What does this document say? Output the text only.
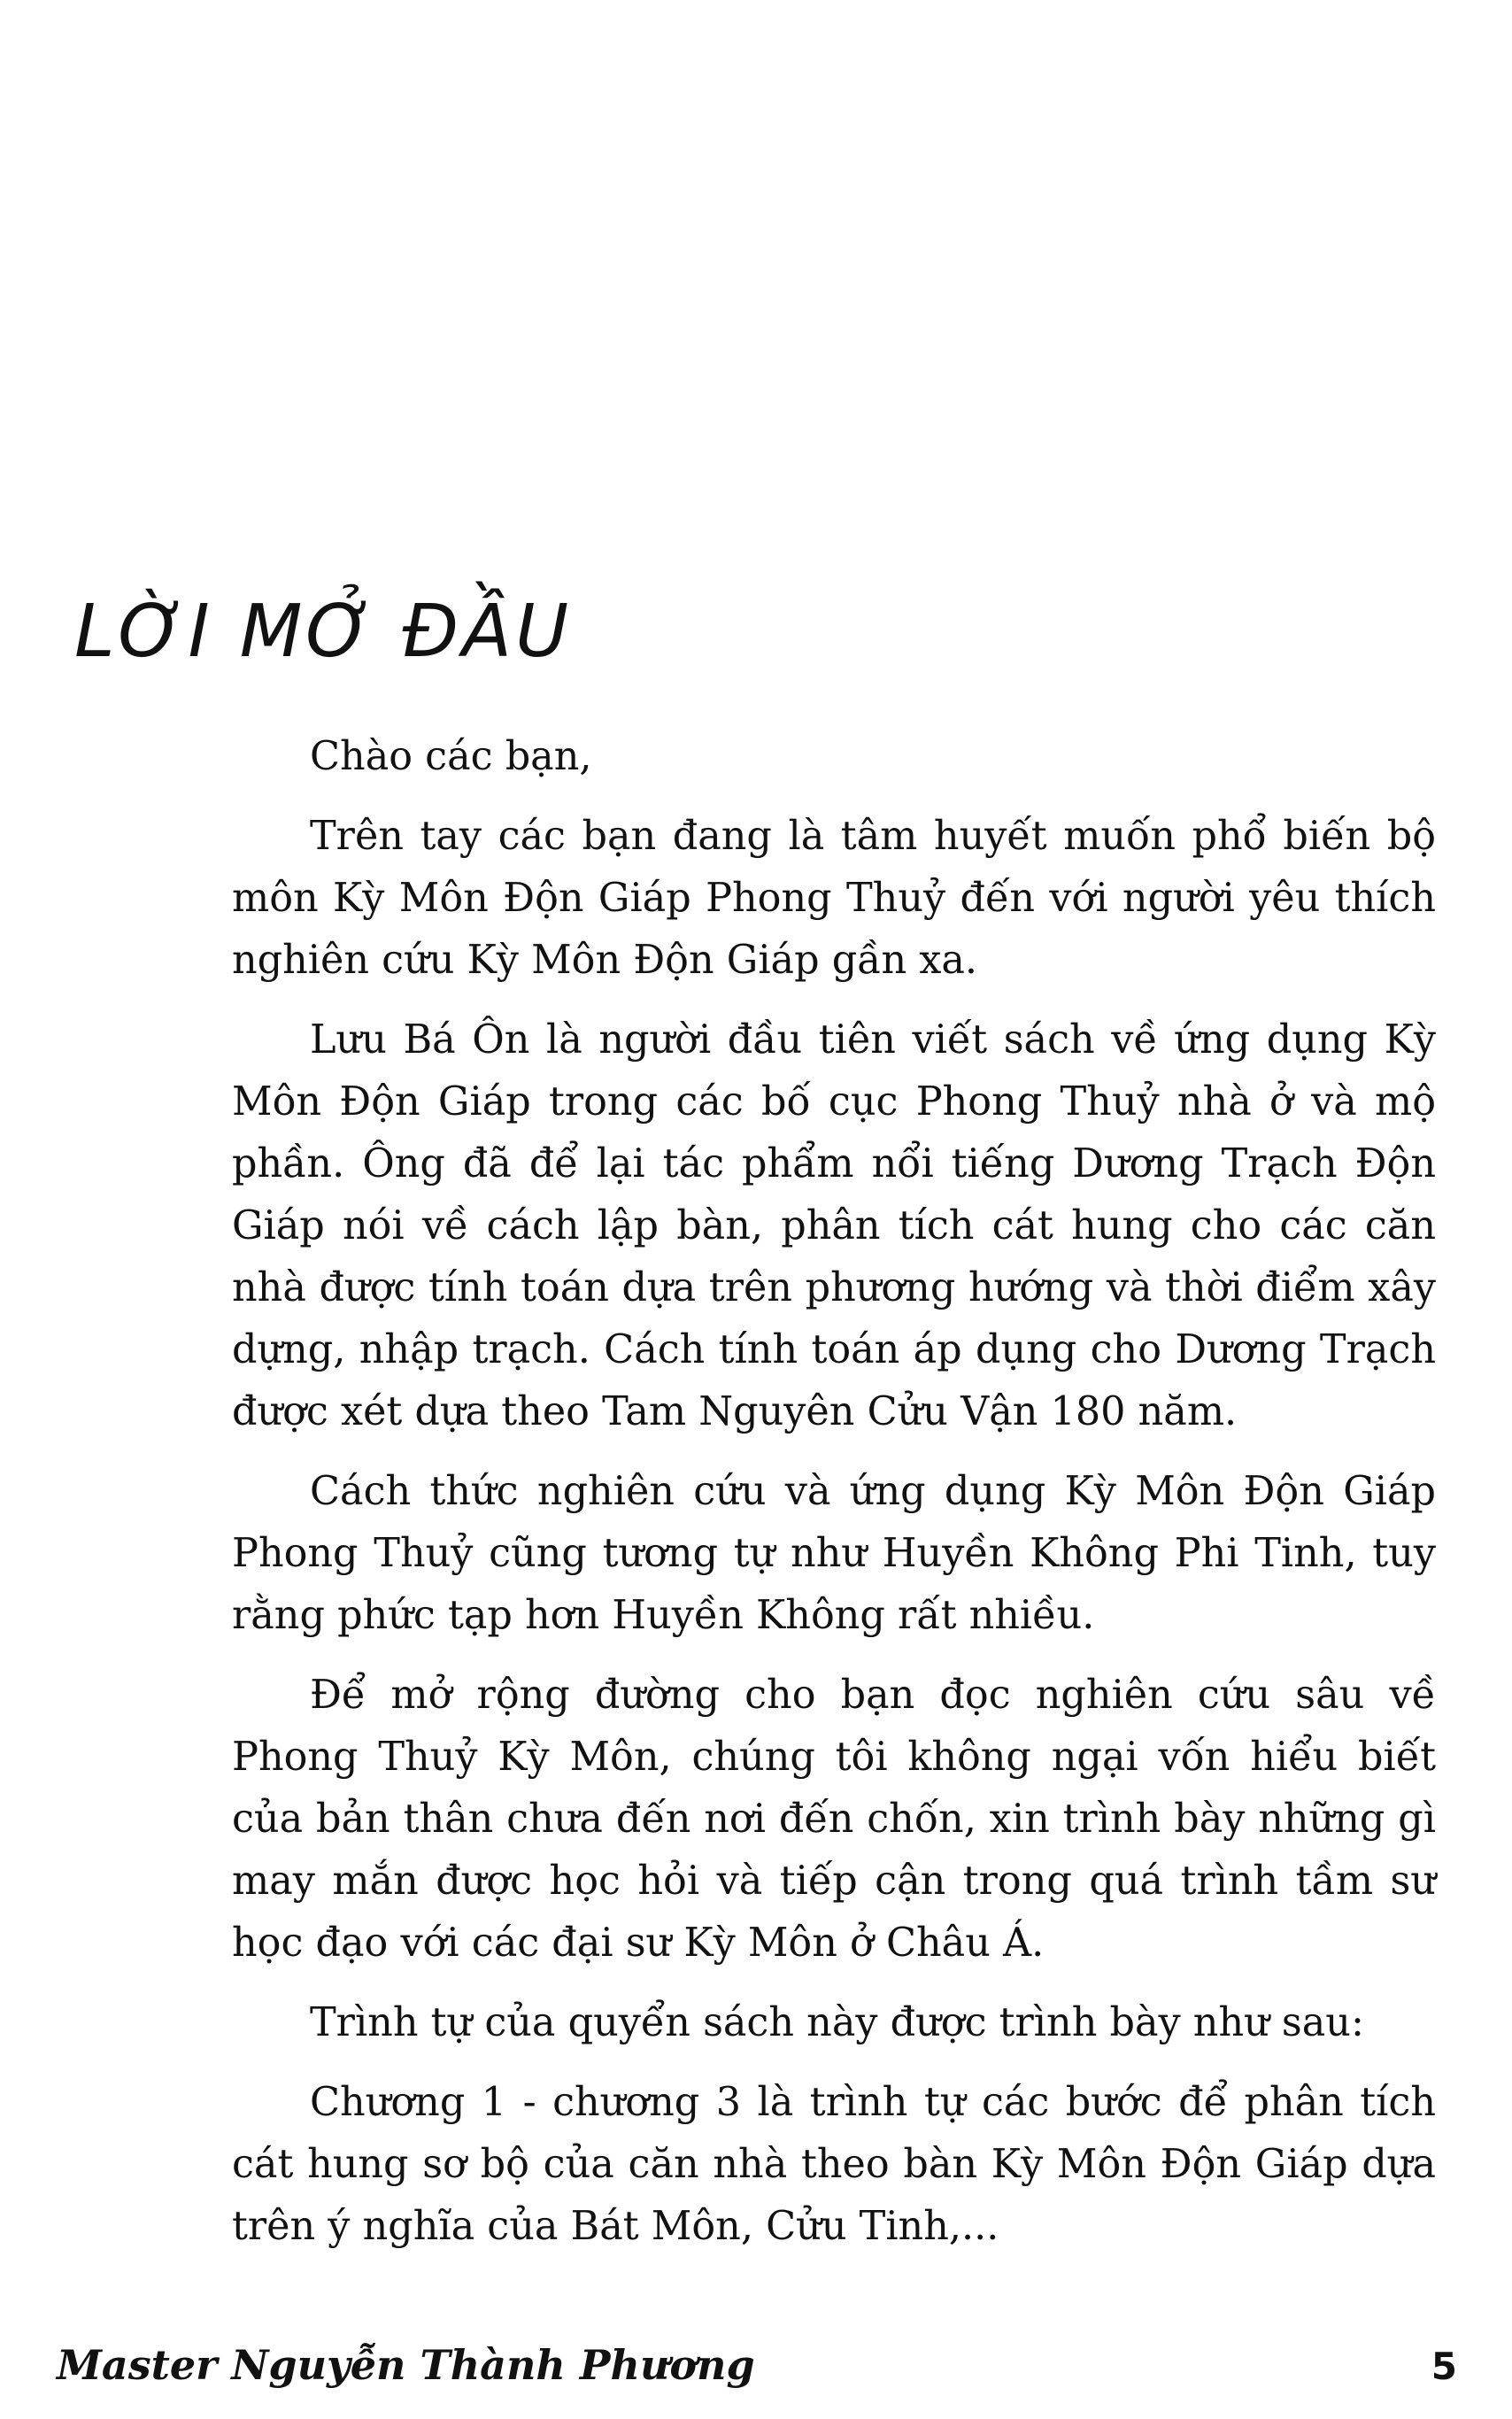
LỜI MỞ ĐẦU

Chào các bạn,

Trên tay các bạn đang là tâm huyết muốn phổ biến bộ môn Kỳ Môn Độn Giáp Phong Thuỷ đến với người yêu thích nghiên cứu Kỳ Môn Độn Giáp gần xa.

Lưu Bá Ôn là người đầu tiên viết sách về ứng dụng Kỳ Môn Độn Giáp trong các bố cục Phong Thuỷ nhà ở và mộ phần. Ông đã để lại tác phẩm nổi tiếng Dương Trạch Độn Giáp nói về cách lập bàn, phân tích cát hung cho các căn nhà được tính toán dựa trên phương hướng và thời điểm xây dựng, nhập trạch. Cách tính toán áp dụng cho Dương Trạch được xét dựa theo Tam Nguyên Cửu Vận 180 năm.

Cách thức nghiên cứu và ứng dụng Kỳ Môn Độn Giáp Phong Thuỷ cũng tương tự như Huyền Không Phi Tinh, tuy rằng phức tạp hơn Huyền Không rất nhiều.

Để mở rộng đường cho bạn đọc nghiên cứu sâu về Phong Thuỷ Kỳ Môn, chúng tôi không ngại vốn hiểu biết của bản thân chưa đến nơi đến chốn, xin trình bày những gì may mắn được học hỏi và tiếp cận trong quá trình tầm sư học đạo với các đại sư Kỳ Môn ở Châu Á.

Trình tự của quyển sách này được trình bày như sau:

Chương 1 - chương 3 là trình tự các bước để phân tích cát hung sơ bộ của căn nhà theo bàn Kỳ Môn Độn Giáp dựa trên ý nghĩa của Bát Môn, Cửu Tinh,...

Master Nguyễn Thành Phương	5
